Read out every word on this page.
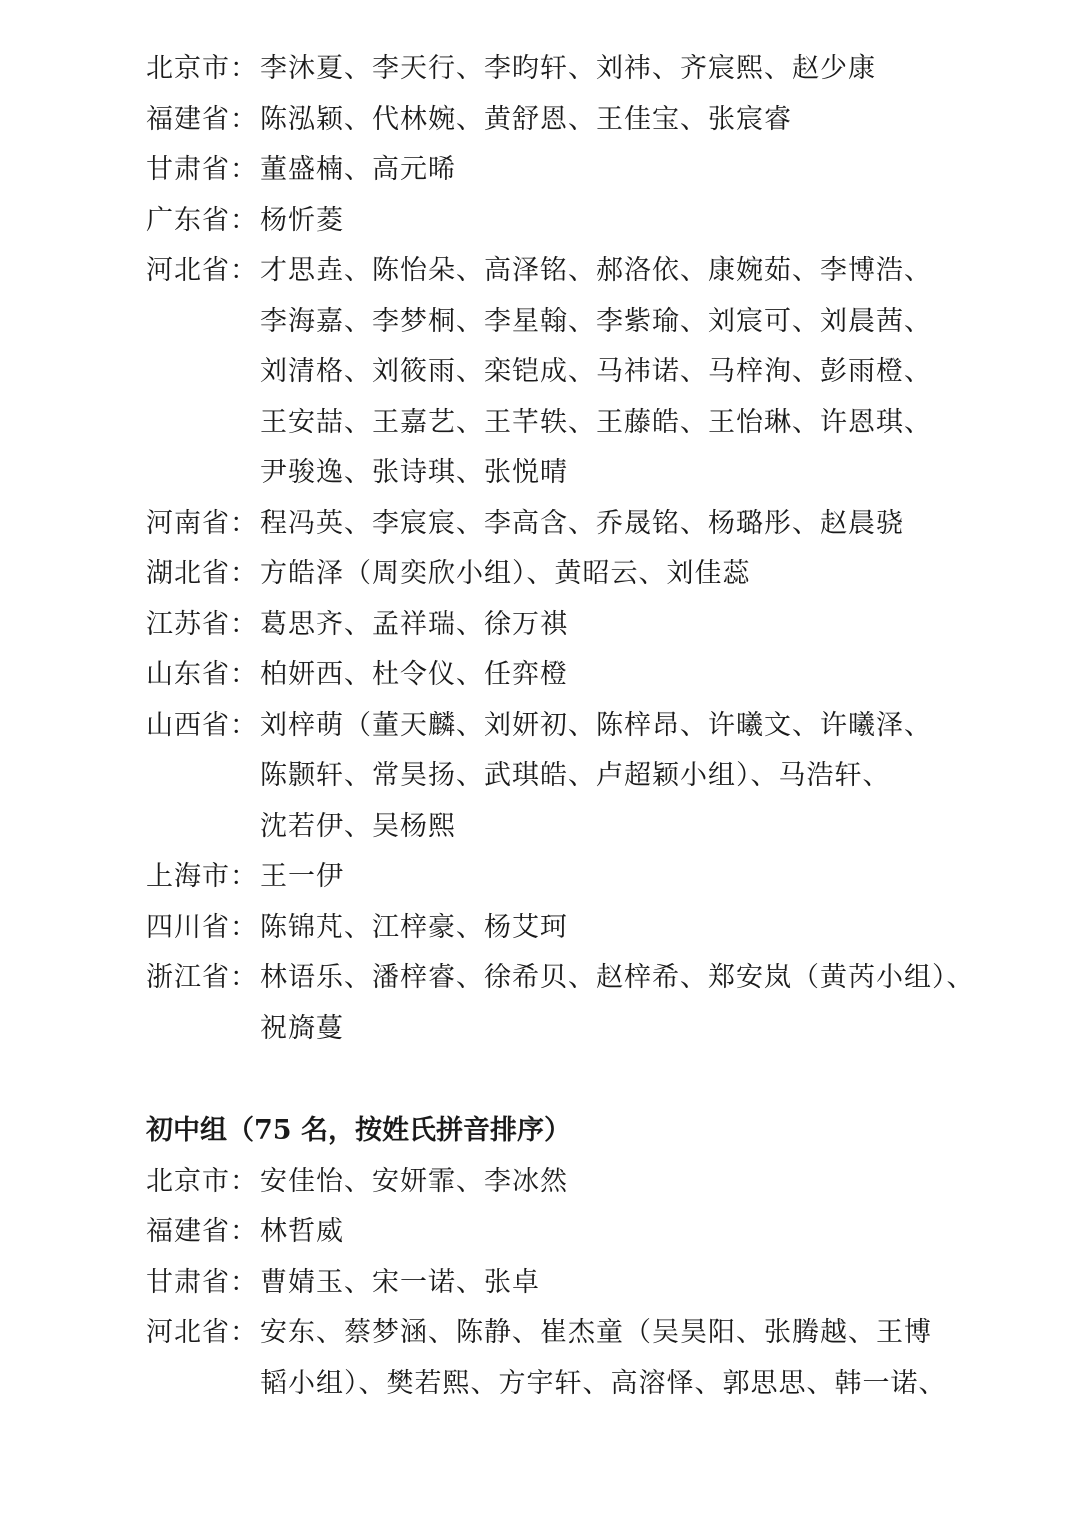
北京市： 李沐夏、李天行、李昀轩、刘祎、齐宸熙、赵少康
福建省： 陈泓颖、代林婉、黄舒恩、王佳宝、张宸睿
甘肃省： 董盛楠、高元晞
广东省： 杨忻菱
河北省： 才思垚、陈怡朵、高泽铭、郝洛依、康婉茹、李博浩、
李海嘉、李梦桐、李星翰、李紫瑜、刘宸可、刘晨茜、
刘清格、刘筱雨、栾铠成、马祎诺、马梓洵、彭雨橙、
王安喆、王嘉艺、王芊轶、王藤皓、王怡琳、许恩琪、
尹骏逸、张诗琪、张悦晴
河南省： 程冯英、李宸宸、李高含、乔晟铭、杨璐彤、赵晨骁
湖北省： 方皓泽（周奕欣小组）、黄昭云、刘佳蕊
江苏省： 葛思齐、孟祥瑞、徐万祺
山东省： 柏妍西、杜令仪、任弈橙
山西省： 刘梓萌（董天麟、刘妍初、陈梓昂、许曦文、许曦泽、
陈颢轩、常昊扬、武琪皓、卢超颖小组）、马浩轩、
沈若伊、吴杨熙
上海市： 王一伊
四川省： 陈锦芃、江梓豪、杨艾珂
浙江省： 林语乐、潘梓睿、徐希贝、赵梓希、郑安岚（黄芮小组）、
祝旖蔓
初中组（75 名，按姓氏拼音排序）
北京市： 安佳怡、安妍霏、李冰然
福建省： 林哲威
甘肃省： 曹婧玉、宋一诺、张卓
河北省： 安东、蔡梦涵、陈静、崔杰童（吴昊阳、张腾越、王博
韬小组）、樊若熙、方宇轩、高溶怿、郭思思、韩一诺、
